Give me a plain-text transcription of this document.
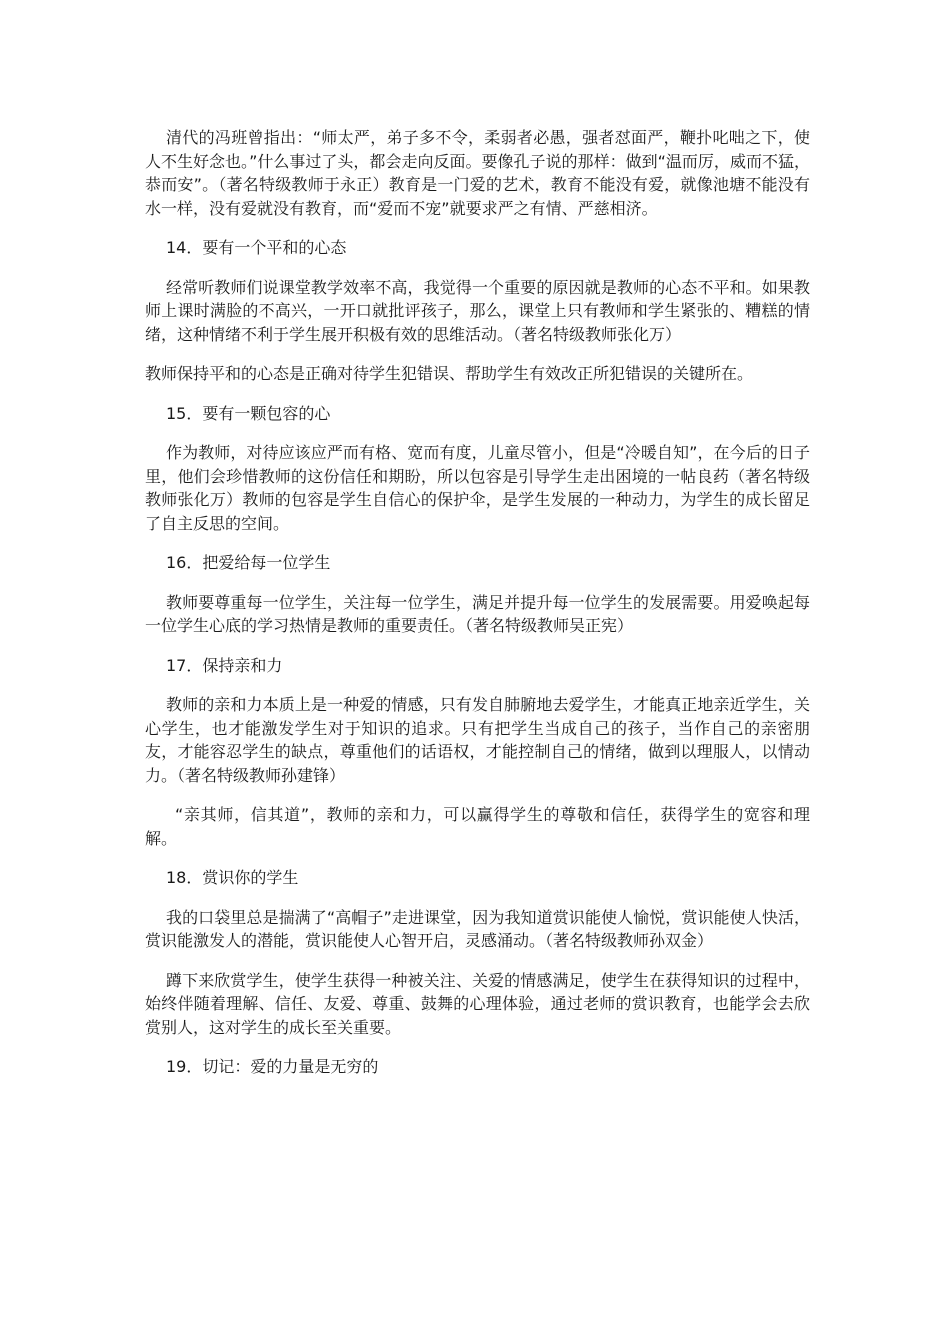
清代的冯班曾指出：“师太严，弟子多不令，柔弱者必愚，强者怼面严，鞭扑叱咄之下，使人不生好念也。”什么事过了头，都会走向反面。要像孔子说的那样：做到“温而厉，威而不猛，恭而安”。（著名特级教师于永正）教育是一门爱的艺术，教育不能没有爱，就像池塘不能没有水一样，没有爱就没有教育，而“爱而不宠”就要求严之有情、严慈相济。

14．要有一个平和的心态

经常听教师们说课堂教学效率不高，我觉得一个重要的原因就是教师的心态不平和。如果教师上课时满脸的不高兴，一开口就批评孩子，那么，课堂上只有教师和学生紧张的、糟糕的情绪，这种情绪不利于学生展开积极有效的思维活动。（著名特级教师张化万）

教师保持平和的心态是正确对待学生犯错误、帮助学生有效改正所犯错误的关键所在。

15．要有一颗包容的心

作为教师，对待应该应严而有格、宽而有度，儿童尽管小，但是“冷暖自知”，在今后的日子里，他们会珍惜教师的这份信任和期盼，所以包容是引导学生走出困境的一帖良药（著名特级教师张化万）教师的包容是学生自信心的保护伞，是学生发展的一种动力，为学生的成长留足了自主反思的空间。

16．把爱给每一位学生

教师要尊重每一位学生，关注每一位学生，满足并提升每一位学生的发展需要。用爱唤起每一位学生心底的学习热情是教师的重要责任。（著名特级教师吴正宪）

17．保持亲和力

教师的亲和力本质上是一种爱的情感，只有发自肺腑地去爱学生，才能真正地亲近学生，关心学生，也才能激发学生对于知识的追求。只有把学生当成自己的孩子，当作自己的亲密朋友，才能容忍学生的缺点，尊重他们的话语权，才能控制自己的情绪，做到以理服人，以情动力。（著名特级教师孙建锋）

“亲其师，信其道”，教师的亲和力，可以赢得学生的尊敬和信任，获得学生的宽容和理解。

18．赏识你的学生

我的口袋里总是揣满了“高帽子”走进课堂，因为我知道赏识能使人愉悦，赏识能使人快活，赏识能激发人的潜能，赏识能使人心智开启，灵感涌动。（著名特级教师孙双金）

蹲下来欣赏学生，使学生获得一种被关注、关爱的情感满足，使学生在获得知识的过程中，始终伴随着理解、信任、友爱、尊重、鼓舞的心理体验，通过老师的赏识教育，也能学会去欣赏别人，这对学生的成长至关重要。

19．切记：爱的力量是无穷的
